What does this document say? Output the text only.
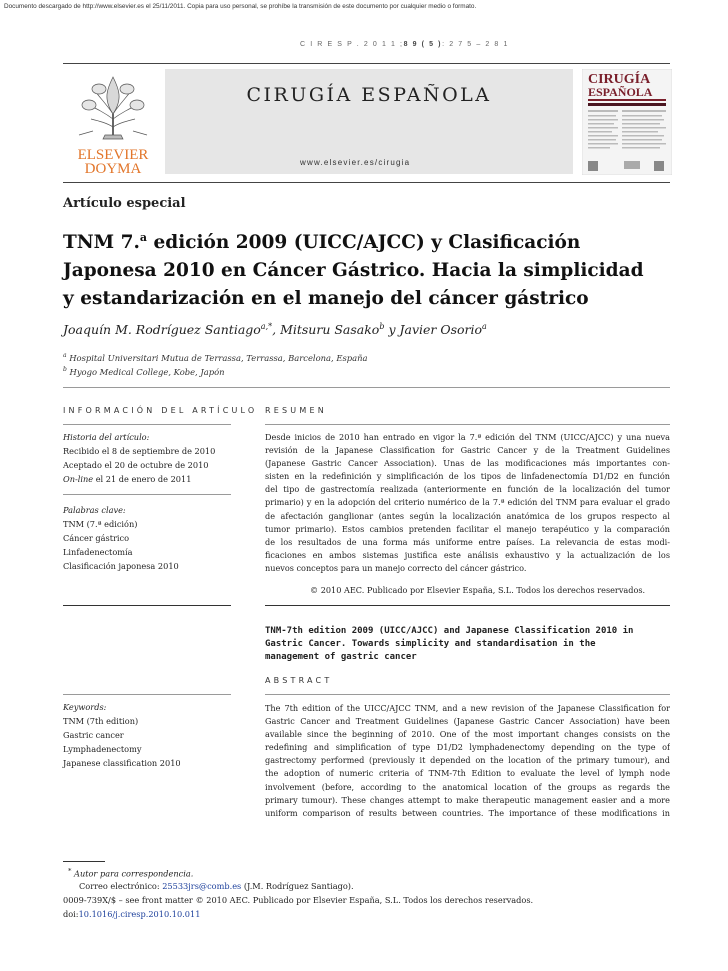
Documento descargado de http://www.elsevier.es el 25/11/2011. Copia para uso personal, se prohíbe la transmisión de este documento por cualquier medio o formato.
C I R E S P . 2 0 1 1 ;8 9 ( 5 ): 2 7 5 – 2 8 1
ELSEVIER
DOYMA
CIRUGÍA ESPAÑOLA
www.elsevier.es/cirugia
CIRUGÍA
ESPAÑOLA
Artículo especial
TNM 7.$^a$ edición 2009 (UICC/AJCC) y Clasificación
Japonesa 2010 en Cáncer Gástrico. Hacia la simplicidad
y estandarización en el manejo del cáncer gástrico
Joaquín M. Rodríguez Santiago$^{a,*}$, Mitsuru Sasako$^b$ y Javier Osorio$^a$
$^a$ Hospital Universitari Mutua de Terrassa, Terrassa, Barcelona, España
$^b$ Hyogo Medical College, Kobe, Japón
INFORMACIÓN DEL ARTÍCULO
Historia del artículo:
Recibido el 8 de septiembre de 2010
Aceptado el 20 de octubre de 2010
On-line el 21 de enero de 2011
Palabras clave:
TNM (7.ª edición)
Cáncer gástrico
Linfadenectomía
Clasificación japonesa 2010
RESUMEN
Desde inicios de 2010 han entrado en vigor la 7.ª edición del TNM (UICC/AJCC) y una nueva
revisión de la Japanese Classification for Gastric Cancer y de la Treatment Guidelines
(Japanese Gastric Cancer Association). Unas de las modificaciones más importantes con-
sisten en la redefinición y simplificación de los tipos de linfadenectomía D1/D2 en función
del tipo de gastrectomía realizada (anteriormente en función de la localización del tumor
primario) y en la adopción del criterio numérico de la 7.ª edición del TNM para evaluar el grado
de afectación ganglionar (antes según la localización anatómica de los grupos respecto al
tumor primario). Estos cambios pretenden facilitar el manejo terapéutico y la comparación
de los resultados de una forma más uniforme entre países. La relevancia de estas modi-
ficaciones en ambos sistemas justifica este análisis exhaustivo y la actualización de los
nuevos conceptos para un manejo correcto del cáncer gástrico.
© 2010 AEC. Publicado por Elsevier España, S.L. Todos los derechos reservados.
TNM-7th edition 2009 (UICC/AJCC) and Japanese Classification 2010 in
Gastric Cancer. Towards simplicity and standardisation in the
management of gastric cancer
ABSTRACT
Keywords:
TNM (7th edition)
Gastric cancer
Lymphadenectomy
Japanese classification 2010
The 7th edition of the UICC/AJCC TNM, and a new revision of the Japanese Classification for
Gastric Cancer and Treatment Guidelines (Japanese Gastric Cancer Association) have been
available since the beginning of 2010. One of the most important changes consists on the
redefining and simplification of type D1/D2 lymphadenectomy depending on the type of
gastrectomy performed (previously it depended on the location of the primary tumour), and
the adoption of numeric criteria of TNM-7th Edition to evaluate the level of lymph node
involvement (before, according to the anatomical location of the groups as regards the
primary tumour). These changes attempt to make therapeutic management easier and a more
uniform comparison of results between countries. The importance of these modifications in
* Autor para correspondencia.
Correo electrónico: 25533jrs@comb.es (J.M. Rodríguez Santiago).
0009-739X/$ – see front matter © 2010 AEC. Publicado por Elsevier España, S.L. Todos los derechos reservados.
doi:10.1016/j.ciresp.2010.10.011
